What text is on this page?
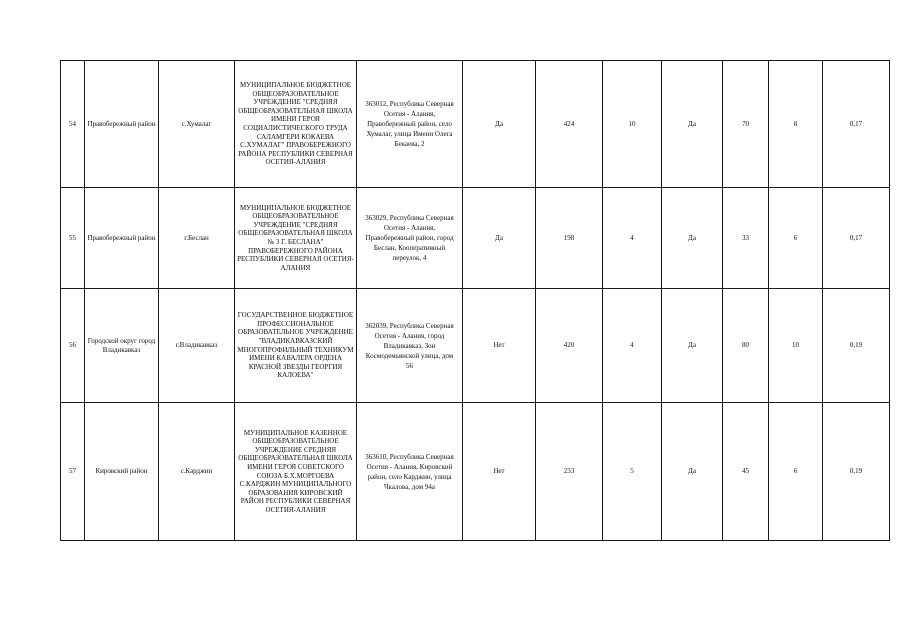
54	Правобережный район	с.Хумалаг	МУНИЦИПАЛЬНОЕ БЮДЖЕТНОЕ ОБЩЕОБРАЗОВАТЕЛЬНОЕ УЧРЕЖДЕНИЕ "СРЕДНЯЯ ОБЩЕОБРАЗОВАТЕЛЬНАЯ ШКОЛА ИМЕНИ ГЕРОЯ СОЦИАЛИСТИЧЕСКОГО ТРУДА САЛАМГЕРИ КОКАЕВА С.ХУМАЛАГ" ПРАВОБЕРЕЖНОГО РАЙОНА РЕСПУБЛИКИ СЕВЕРНАЯ ОСЕТИЯ-АЛАНИЯ	363012, Республика Северная Осетия - Алания, Правобережный район, село Хумалаг, улица Имени Олега Бекаева, 2	Да	424	10	Да	70	8	0,17
55	Правобережный район	г.Беслан	МУНИЦИПАЛЬНОЕ БЮДЖЕТНОЕ ОБЩЕОБРАЗОВАТЕЛЬНОЕ УЧРЕЖДЕНИЕ "СРЕДНЯЯ ОБЩЕОБРАЗОВАТЕЛЬНАЯ ШКОЛА № 3 Г. БЕСЛАНА" ПРАВОБЕРЕЖНОГО РАЙОНА РЕСПУБЛИКИ СЕВЕРНАЯ ОСЕТИЯ-АЛАНИЯ	363029, Республика Северная Осетия - Алания, Правобережный район, город Беслан, Кооперативный переулок, 4	Да	198	4	Да	33	6	0,17
56	Городской округ город Владикавказ	г.Владикавказ	ГОСУДАРСТВЕННОЕ БЮДЖЕТНОЕ ПРОФЕССИОНАЛЬНОЕ ОБРАЗОВАТЕЛЬНОЕ УЧРЕЖДЕНИЕ "ВЛАДИКАВКАЗСКИЙ МНОГОПРОФИЛЬНЫЙ ТЕХНИКУМ ИМЕНИ КАВАЛЕРА ОРДЕНА КРАСНОЙ ЗВЕЗДЫ ГЕОРГИЯ КАЛОЕВА"	362039, Республика Северная Осетия - Алания, город Владикавказ, Зои Космодемьянской улица, дом 56	Нет	420	4	Да	80	10	0,19
57	Кировский район	с.Карджин	МУНИЦИПАЛЬНОЕ КАЗЕННОЕ ОБЩЕОБРАЗОВАТЕЛЬНОЕ УЧРЕЖДЕНИЕ СРЕДНЯЯ ОБЩЕОБРАЗОВАТЕЛЬНАЯ ШКОЛА ИМЕНИ ГЕРОЯ СОВЕТСКОГО СОЮЗА Б.Х.МОРГОЕВА С.КАРДЖИН МУНИЦИПАЛЬНОГО ОБРАЗОВАНИЯ КИРОВСКИЙ РАЙОН РЕСПУБЛИКИ СЕВЕРНАЯ ОСЕТИЯ-АЛАНИЯ	363610, Республика Северная Осетия - Алания, Кировский район, село Карджин, улица Чкалова, дом 94а	Нет	233	5	Да	45	6	0,19
